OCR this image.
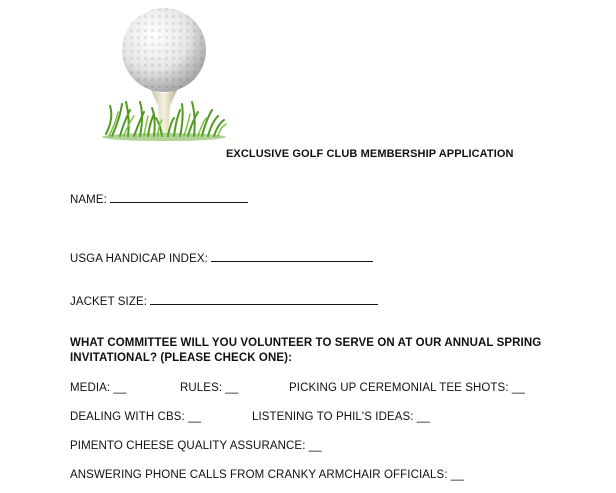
EXCLUSIVE GOLF CLUB MEMBERSHIP APPLICATION
NAME:
USGA HANDICAP INDEX:
JACKET SIZE:
WHAT COMMITTEE WILL YOU VOLUNTEER TO SERVE ON AT OUR ANNUAL SPRING
INVITATIONAL? (PLEASE CHECK ONE):
MEDIA: __	RULES: __	PICKING UP CEREMONIAL TEE SHOTS: __
DEALING WITH CBS: __	LISTENING TO PHIL'S IDEAS: __
PIMENTO CHEESE QUALITY ASSURANCE: __
ANSWERING PHONE CALLS FROM CRANKY ARMCHAIR OFFICIALS: __
